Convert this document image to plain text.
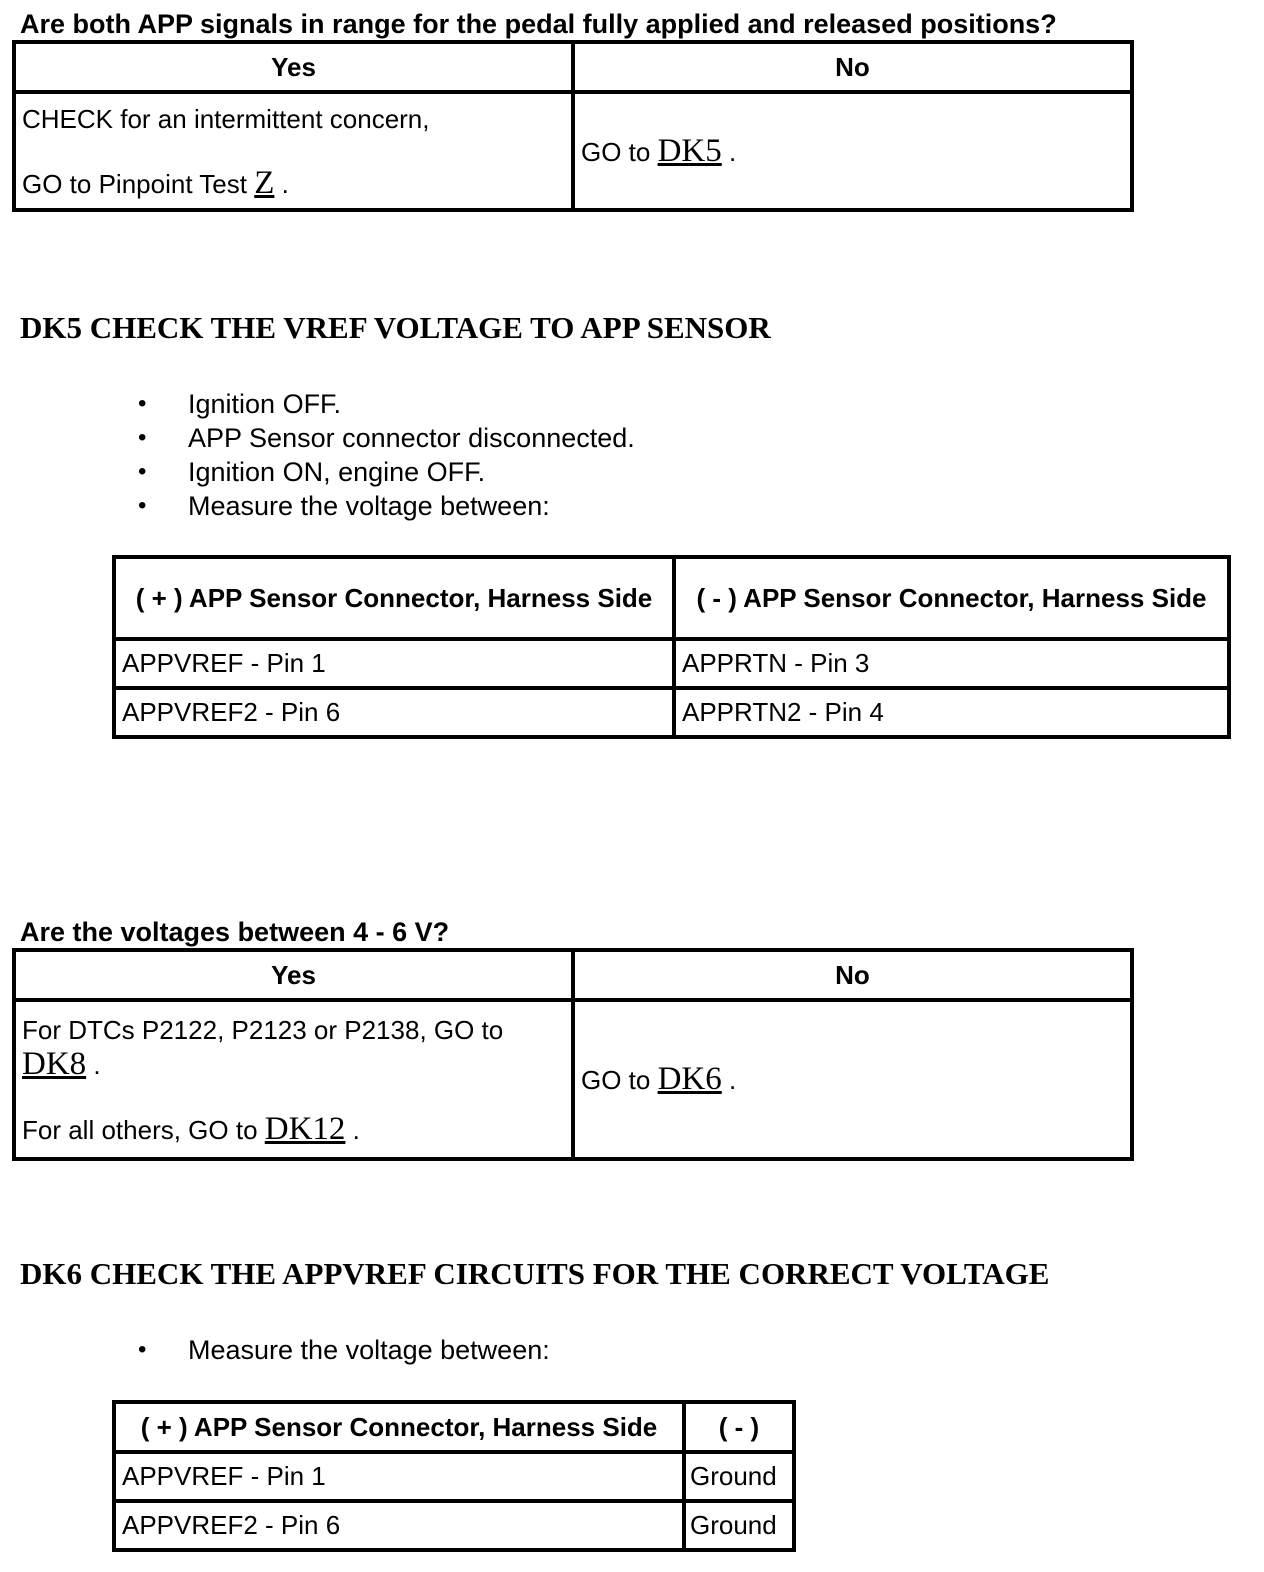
Are both APP signals in range for the pedal fully applied and released positions?
Yes	No
CHECK for an intermittent concern,
GO to Pinpoint Test Z .	GO to DK5 .
DK5 CHECK THE VREF VOLTAGE TO APP SENSOR
• Ignition OFF.
• APP Sensor connector disconnected.
• Ignition ON, engine OFF.
• Measure the voltage between:
( + ) APP Sensor Connector, Harness Side	( - ) APP Sensor Connector, Harness Side
APPVREF - Pin 1	APPRTN - Pin 3
APPVREF2 - Pin 6	APPRTN2 - Pin 4
Are the voltages between 4 - 6 V?
Yes	No
For DTCs P2122, P2123 or P2138, GO to
DK8 .
For all others, GO to DK12 .	GO to DK6 .
DK6 CHECK THE APPVREF CIRCUITS FOR THE CORRECT VOLTAGE
• Measure the voltage between:
( + ) APP Sensor Connector, Harness Side	( - )
APPVREF - Pin 1	Ground
APPVREF2 - Pin 6	Ground
